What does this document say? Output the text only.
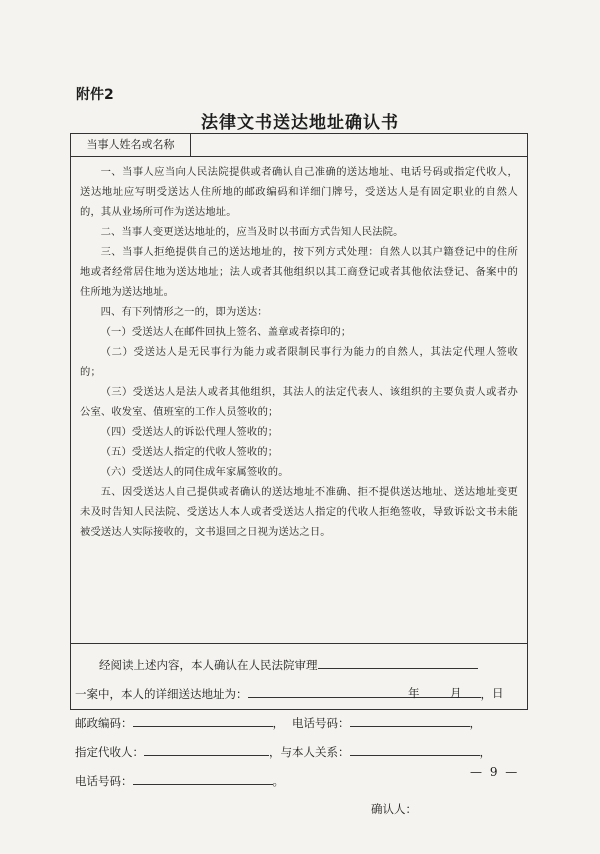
附件2
法律文书送达地址确认书
当事人姓名或名称

一、当事人应当向人民法院提供或者确认自己准确的送达地址、电话号码或指定代收人，送达地址应写明受送达人住所地的邮政编码和详细门牌号，受送达人是有固定职业的自然人的，其从业场所可作为送达地址。

二、当事人变更送达地址的，应当及时以书面方式告知人民法院。

三、当事人拒绝提供自己的送达地址的，按下列方式处理：自然人以其户籍登记中的住所地或者经常居住地为送达地址；法人或者其他组织以其工商登记或者其他依法登记、备案中的住所地为送达地址。

四、有下列情形之一的，即为送达：

（一）受送达人在邮件回执上签名、盖章或者捺印的；

（二）受送达人是无民事行为能力或者限制民事行为能力的自然人，其法定代理人签收的；

（三）受送达人是法人或者其他组织，其法人的法定代表人、该组织的主要负责人或者办公室、收发室、值班室的工作人员签收的；

（四）受送达人的诉讼代理人签收的；

（五）受送达人指定的代收人签收的；

（六）受送达人的同住成年家属签收的。

五、因受送达人自己提供或者确认的送达地址不准确、拒不提供送达地址、送达地址变更未及时告知人民法院、受送达人本人或者受送达人指定的代收人拒绝签收，导致诉讼文书未能被受送达人实际接收的，文书退回之日视为送达之日。

经阅读上述内容，本人确认在人民法院审理
一案中，本人的详细送达地址为：	，
邮政编码：	， 电话号码：	，
指定代收人：	，与本人关系：	，
电话号码：	。
确认人：
年	月	日
— 9 —
